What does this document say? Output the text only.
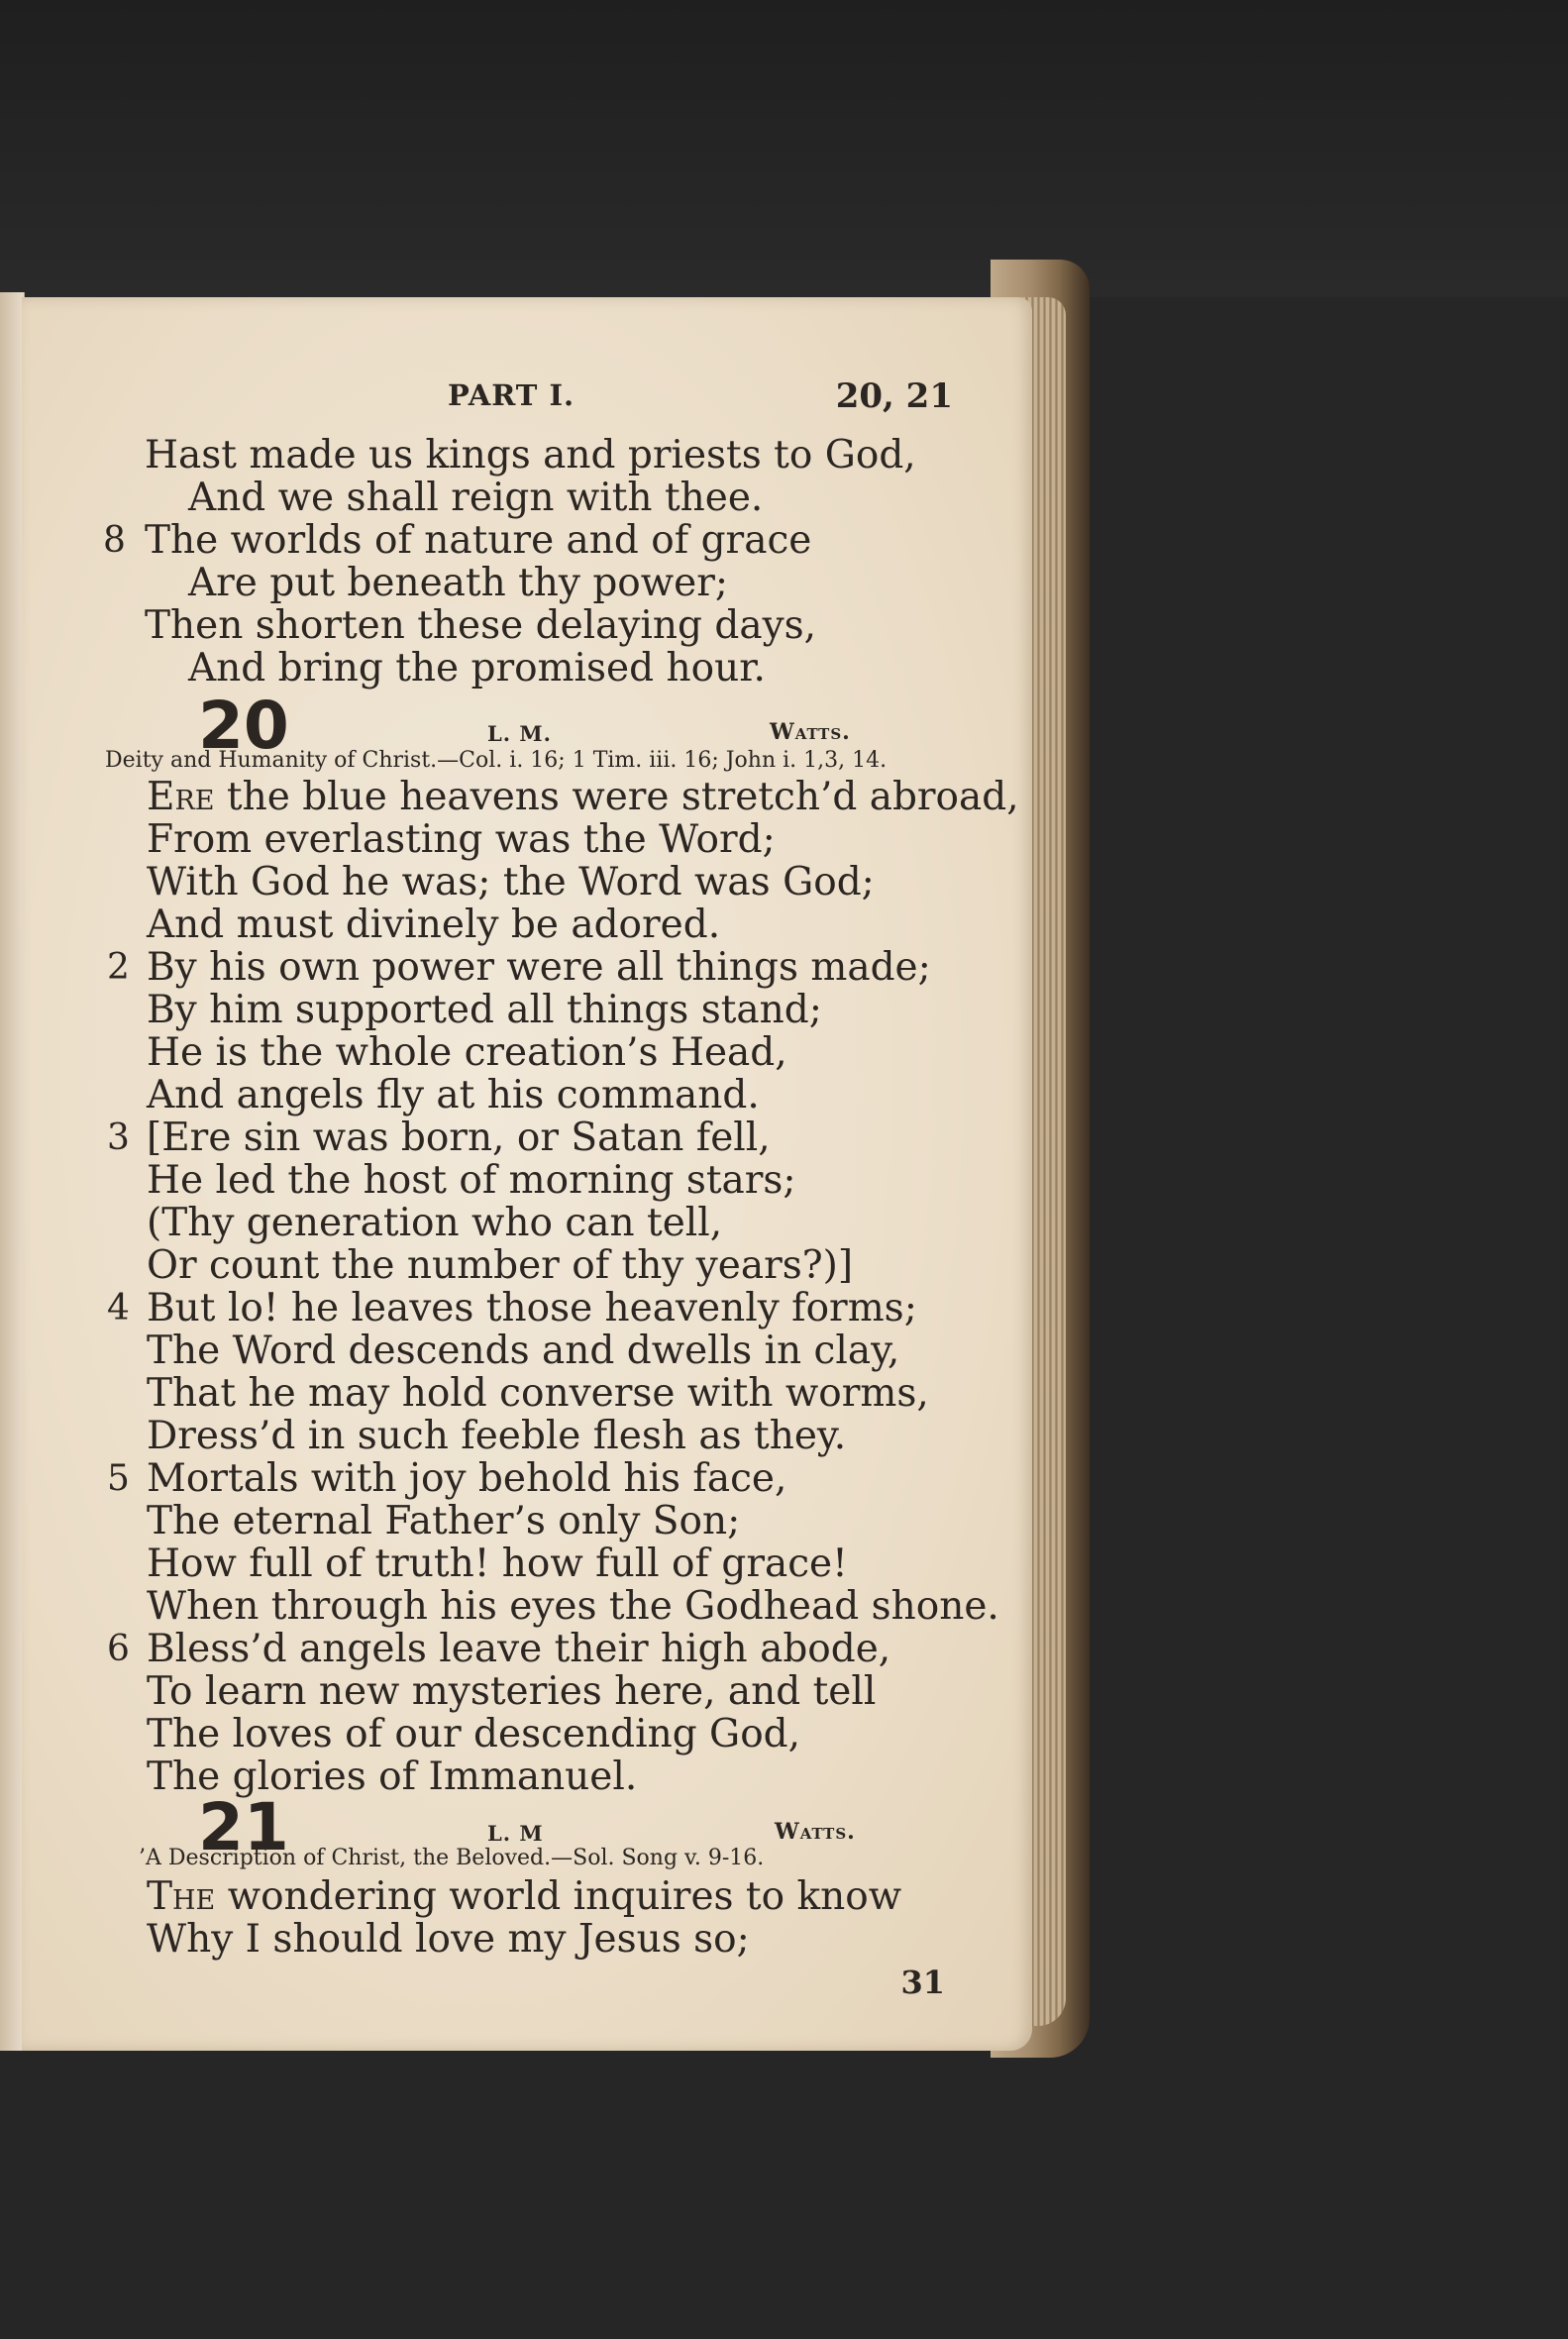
PART I.	20, 21
Hast made us kings and priests to God,
And we shall reign with thee.
8 The worlds of nature and of grace
Are put beneath thy power;
Then shorten these delaying days,
And bring the promised hour.
20	L. M.	Watts.
Deity and Humanity of Christ.—Col. i. 16; 1 Tim. iii. 16; John i. 1,3, 14.
Ere the blue heavens were stretch’d abroad,
From everlasting was the Word;
With God he was; the Word was God;
And must divinely be adored.
2 By his own power were all things made;
By him supported all things stand;
He is the whole creation’s Head,
And angels fly at his command.
3 [Ere sin was born, or Satan fell,
He led the host of morning stars;
(Thy generation who can tell,
Or count the number of thy years?)]
4 But lo! he leaves those heavenly forms;
The Word descends and dwells in clay,
That he may hold converse with worms,
Dress’d in such feeble flesh as they.
5 Mortals with joy behold his face,
The eternal Father’s only Son;
How full of truth! how full of grace!
When through his eyes the Godhead shone.
6 Bless’d angels leave their high abode,
To learn new mysteries here, and tell
The loves of our descending God,
The glories of Immanuel.
21	L. M	Watts.
’A Description of Christ, the Beloved.—Sol. Song v. 9-16.
The wondering world inquires to know
Why I should love my Jesus so;
31
